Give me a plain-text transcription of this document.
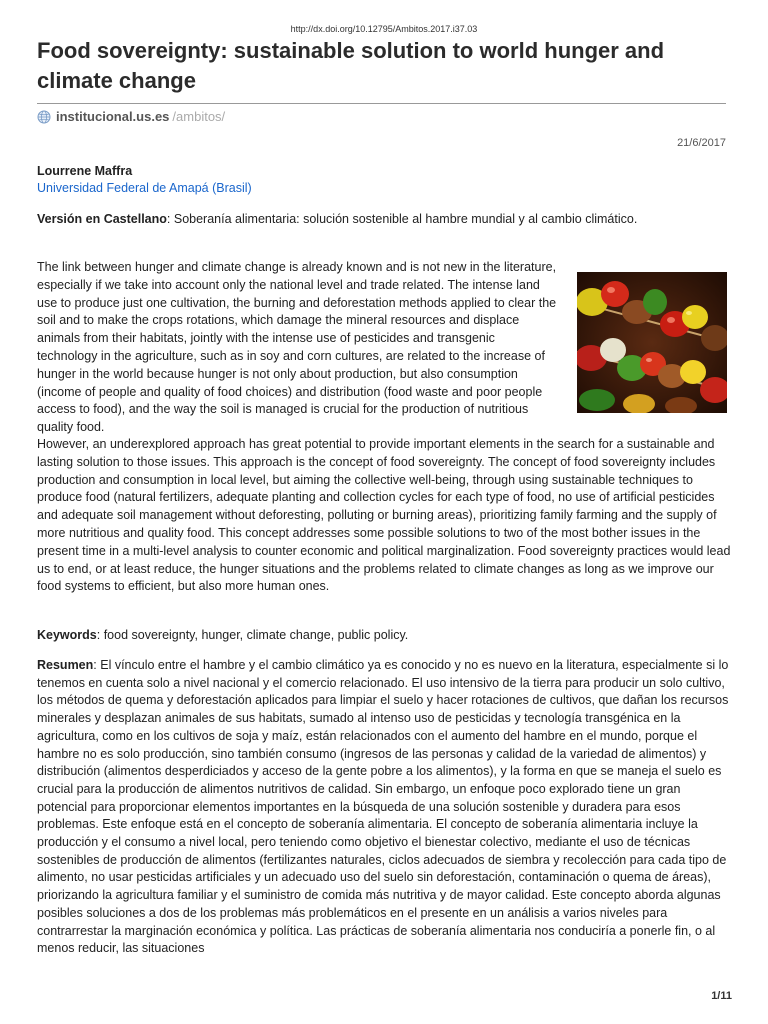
http://dx.doi.org/10.12795/Ambitos.2017.i37.03
Food sovereignty: sustainable solution to world hunger and climate change
institucional.us.es /ambitos/
21/6/2017
Lourrene Maffra
Universidad Federal de Amapá (Brasil)
Versión en Castellano: Soberanía alimentaria: solución sostenible al hambre mundial y al cambio climático.

The link between hunger and climate change is already known and is not new in the literature, especially if we take into account only the national level and trade related. The intense land use to produce just one cultivation, the burning and deforestation methods applied to clear the soil and to make the crops rotations, which damage the mineral resources and displace animals from their habitats, jointly with the intense use of pesticides and transgenic technology in the agriculture, such as in soy and corn cultures, are related to the increase of hunger in the world because hunger is not only about production, but also consumption (income of people and quality of food choices) and distribution (food waste and poor people access to food), and the way the soil is managed is crucial for the production of nutritious quality food.

However, an underexplored approach has great potential to provide important elements in the search for a sustainable and lasting solution to those issues. This approach is the concept of food sovereignty. The concept of food sovereignty includes production and consumption in local level, but aiming the collective well-being, through using sustainable techniques to produce food (natural fertilizers, adequate planting and collection cycles for each type of food, no use of artificial pesticides and adequate soil management without deforesting, polluting or burning areas), prioritizing family farming and the supply of more nutritious and quality food. This concept addresses some possible solutions to two of the most bother issues in the present time in a multi-level analysis to counter economic and political marginalization. Food sovereignty practices would lead us to end, or at least reduce, the hunger situations and the problems related to climate changes as long as we improve our food systems to efficient, but also more human ones.

Keywords: food sovereignty, hunger, climate change, public policy.

Resumen: El vínculo entre el hambre y el cambio climático ya es conocido y no es nuevo en la literatura, especialmente si lo tenemos en cuenta solo a nivel nacional y el comercio relacionado. El uso intensivo de la tierra para producir un solo cultivo, los métodos de quema y deforestación aplicados para limpiar el suelo y hacer rotaciones de cultivos, que dañan los recursos minerales y desplazan animales de sus habitats, sumado al intenso uso de pesticidas y tecnología transgénica en la agricultura, como en los cultivos de soja y maíz, están relacionados con el aumento del hambre en el mundo, porque el hambre no es solo producción, sino también consumo (ingresos de las personas y calidad de la variedad de alimentos) y distribución (alimentos desperdiciados y acceso de la gente pobre a los alimentos), y la forma en que se maneja el suelo es crucial para la producción de alimentos nutritivos de calidad. Sin embargo, un enfoque poco explorado tiene un gran potencial para proporcionar elementos importantes en la búsqueda de una solución sostenible y duradera para esos problemas. Este enfoque está en el concepto de soberanía alimentaria. El concepto de soberanía alimentaria incluye la producción y el consumo a nivel local, pero teniendo como objetivo el bienestar colectivo, mediante el uso de técnicas sostenibles de producción de alimentos (fertilizantes naturales, ciclos adecuados de siembra y recolección para cada tipo de alimento, no usar pesticidas artificiales y un adecuado uso del suelo sin deforestación, contaminación o quema de áreas), priorizando la agricultura familiar y el suministro de comida más nutritiva y de mayor calidad. Este concepto aborda algunas posibles soluciones a dos de los problemas más problemáticos en el presente en un análisis a varios niveles para contrarrestar la marginación económica y política. Las prácticas de soberanía alimentaria nos conduciría a ponerle fin, o al menos reducir, las situaciones

1/11
